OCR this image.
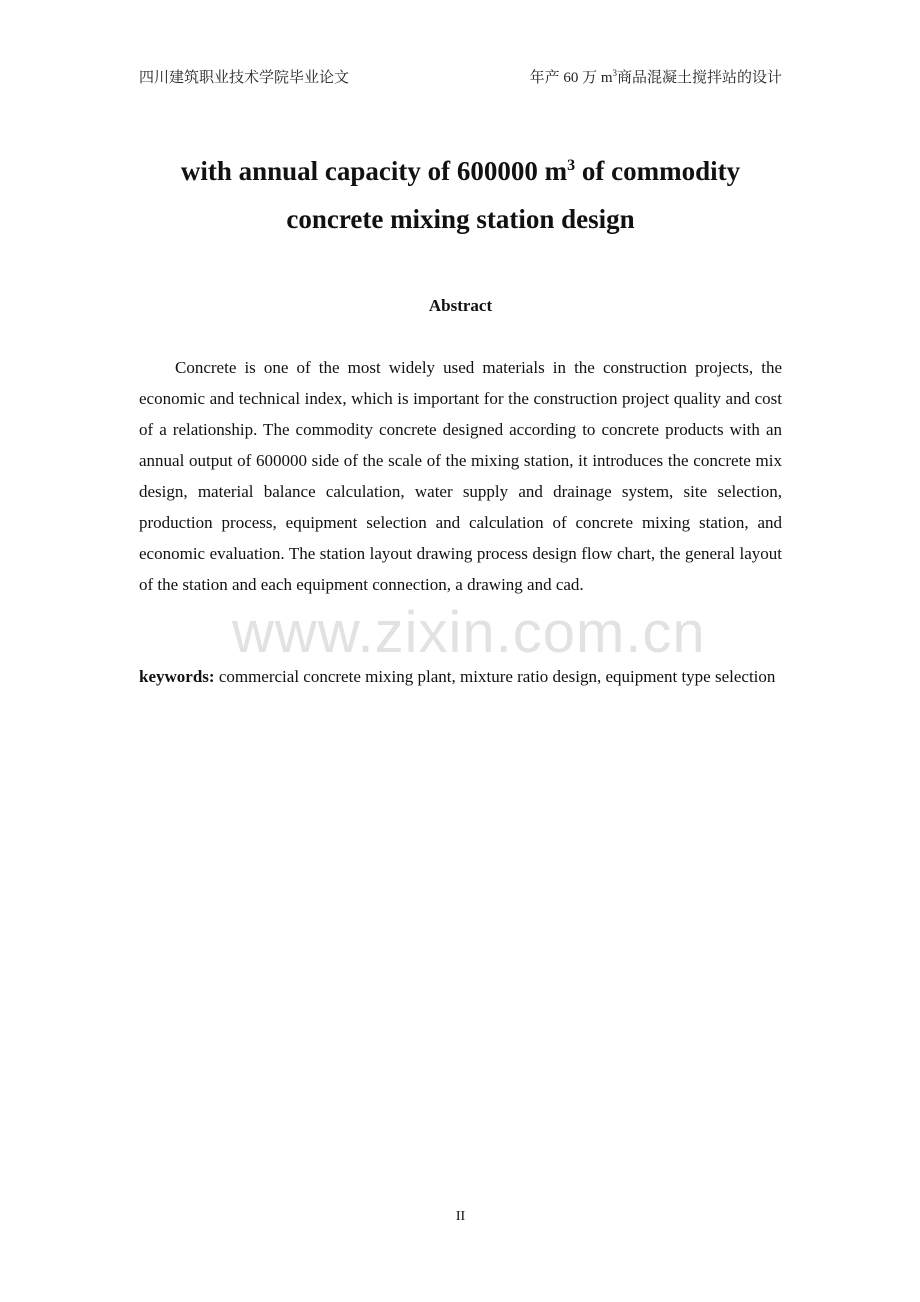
四川建筑职业技术学院毕业论文	年产 60 万 $m^3$商品混凝土搅拌站的设计
with annual capacity of 600000 $m^3$ of commodity
concrete mixing station design
Abstract

Concrete is one of the most widely used materials in the construction projects, the economic and technical index, which is important for the construction project quality and cost of a relationship. The commodity concrete designed according to concrete products with an annual output of 600000 side of the scale of the mixing station, it introduces the concrete mix design, material balance calculation, water supply and drainage system, site selection, production process, equipment selection and calculation of concrete mixing station, and economic evaluation. The station layout drawing process design flow chart, the general layout of the station and each equipment connection, a drawing and cad.

keywords: commercial concrete mixing plant, mixture ratio design, equipment type selection

www.zixin.com.cn
II
